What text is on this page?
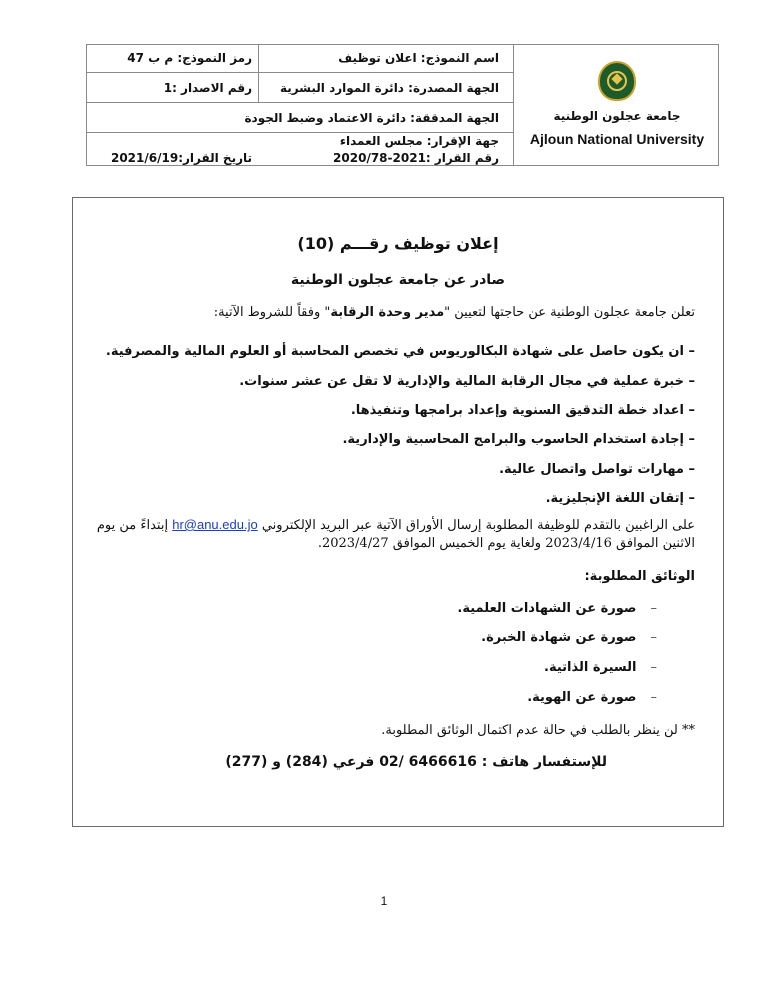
اسم النموذج: اعلان توظيف
رمز النموذج: م ب 47
الجهة المصدرة: دائرة الموارد البشرية
رقم الاصدار :1
الجهة المدققة: دائرة الاعتماد وضبط الجودة
جهة الإقرار: مجلس العمداء
رقم القرار :2021-2020/78
تاريخ القرار:2021/6/19
جامعة عجلون الوطنية
Ajloun National University
إعلان توظيف رقـــم (10)
صادر عن جامعة عجلون الوطنية
تعلن جامعة عجلون الوطنية عن حاجتها لتعيين "مدير وحدة الرقابة" وفقاً للشروط الآتية:
– ان يكون حاصل على شهادة البكالوريوس في تخصص المحاسبة أو العلوم المالية والمصرفية.
– خبرة عملية في مجال الرقابة المالية والإدارية لا تقل عن عشر سنوات.
– اعداد خطة التدقيق السنوية وإعداد برامجها وتنفيذها.
– إجادة استخدام الحاسوب والبرامج المحاسبية والإدارية.
– مهارات تواصل واتصال عالية.
– إتقان اللغة الإنجليزية.
على الراغبين بالتقدم للوظيفة المطلوبة إرسال الأوراق الآتية عبر البريد الإلكتروني hr@anu.edu.jo إبتداءً من يوم الاثنين الموافق 2023/4/16 ولغاية يوم الخميس الموافق 2023/4/27.
الوثائق المطلوبة:
–صورة عن الشهادات العلمية.
–صورة عن شهادة الخبرة.
–السيرة الذاتية.
–صورة عن الهوية.
** لن ينظر بالطلب في حالة عدم اكتمال الوثائق المطلوبة.
للإستفسار هاتف : 6466616 /02 فرعي (284) و (277)
1
